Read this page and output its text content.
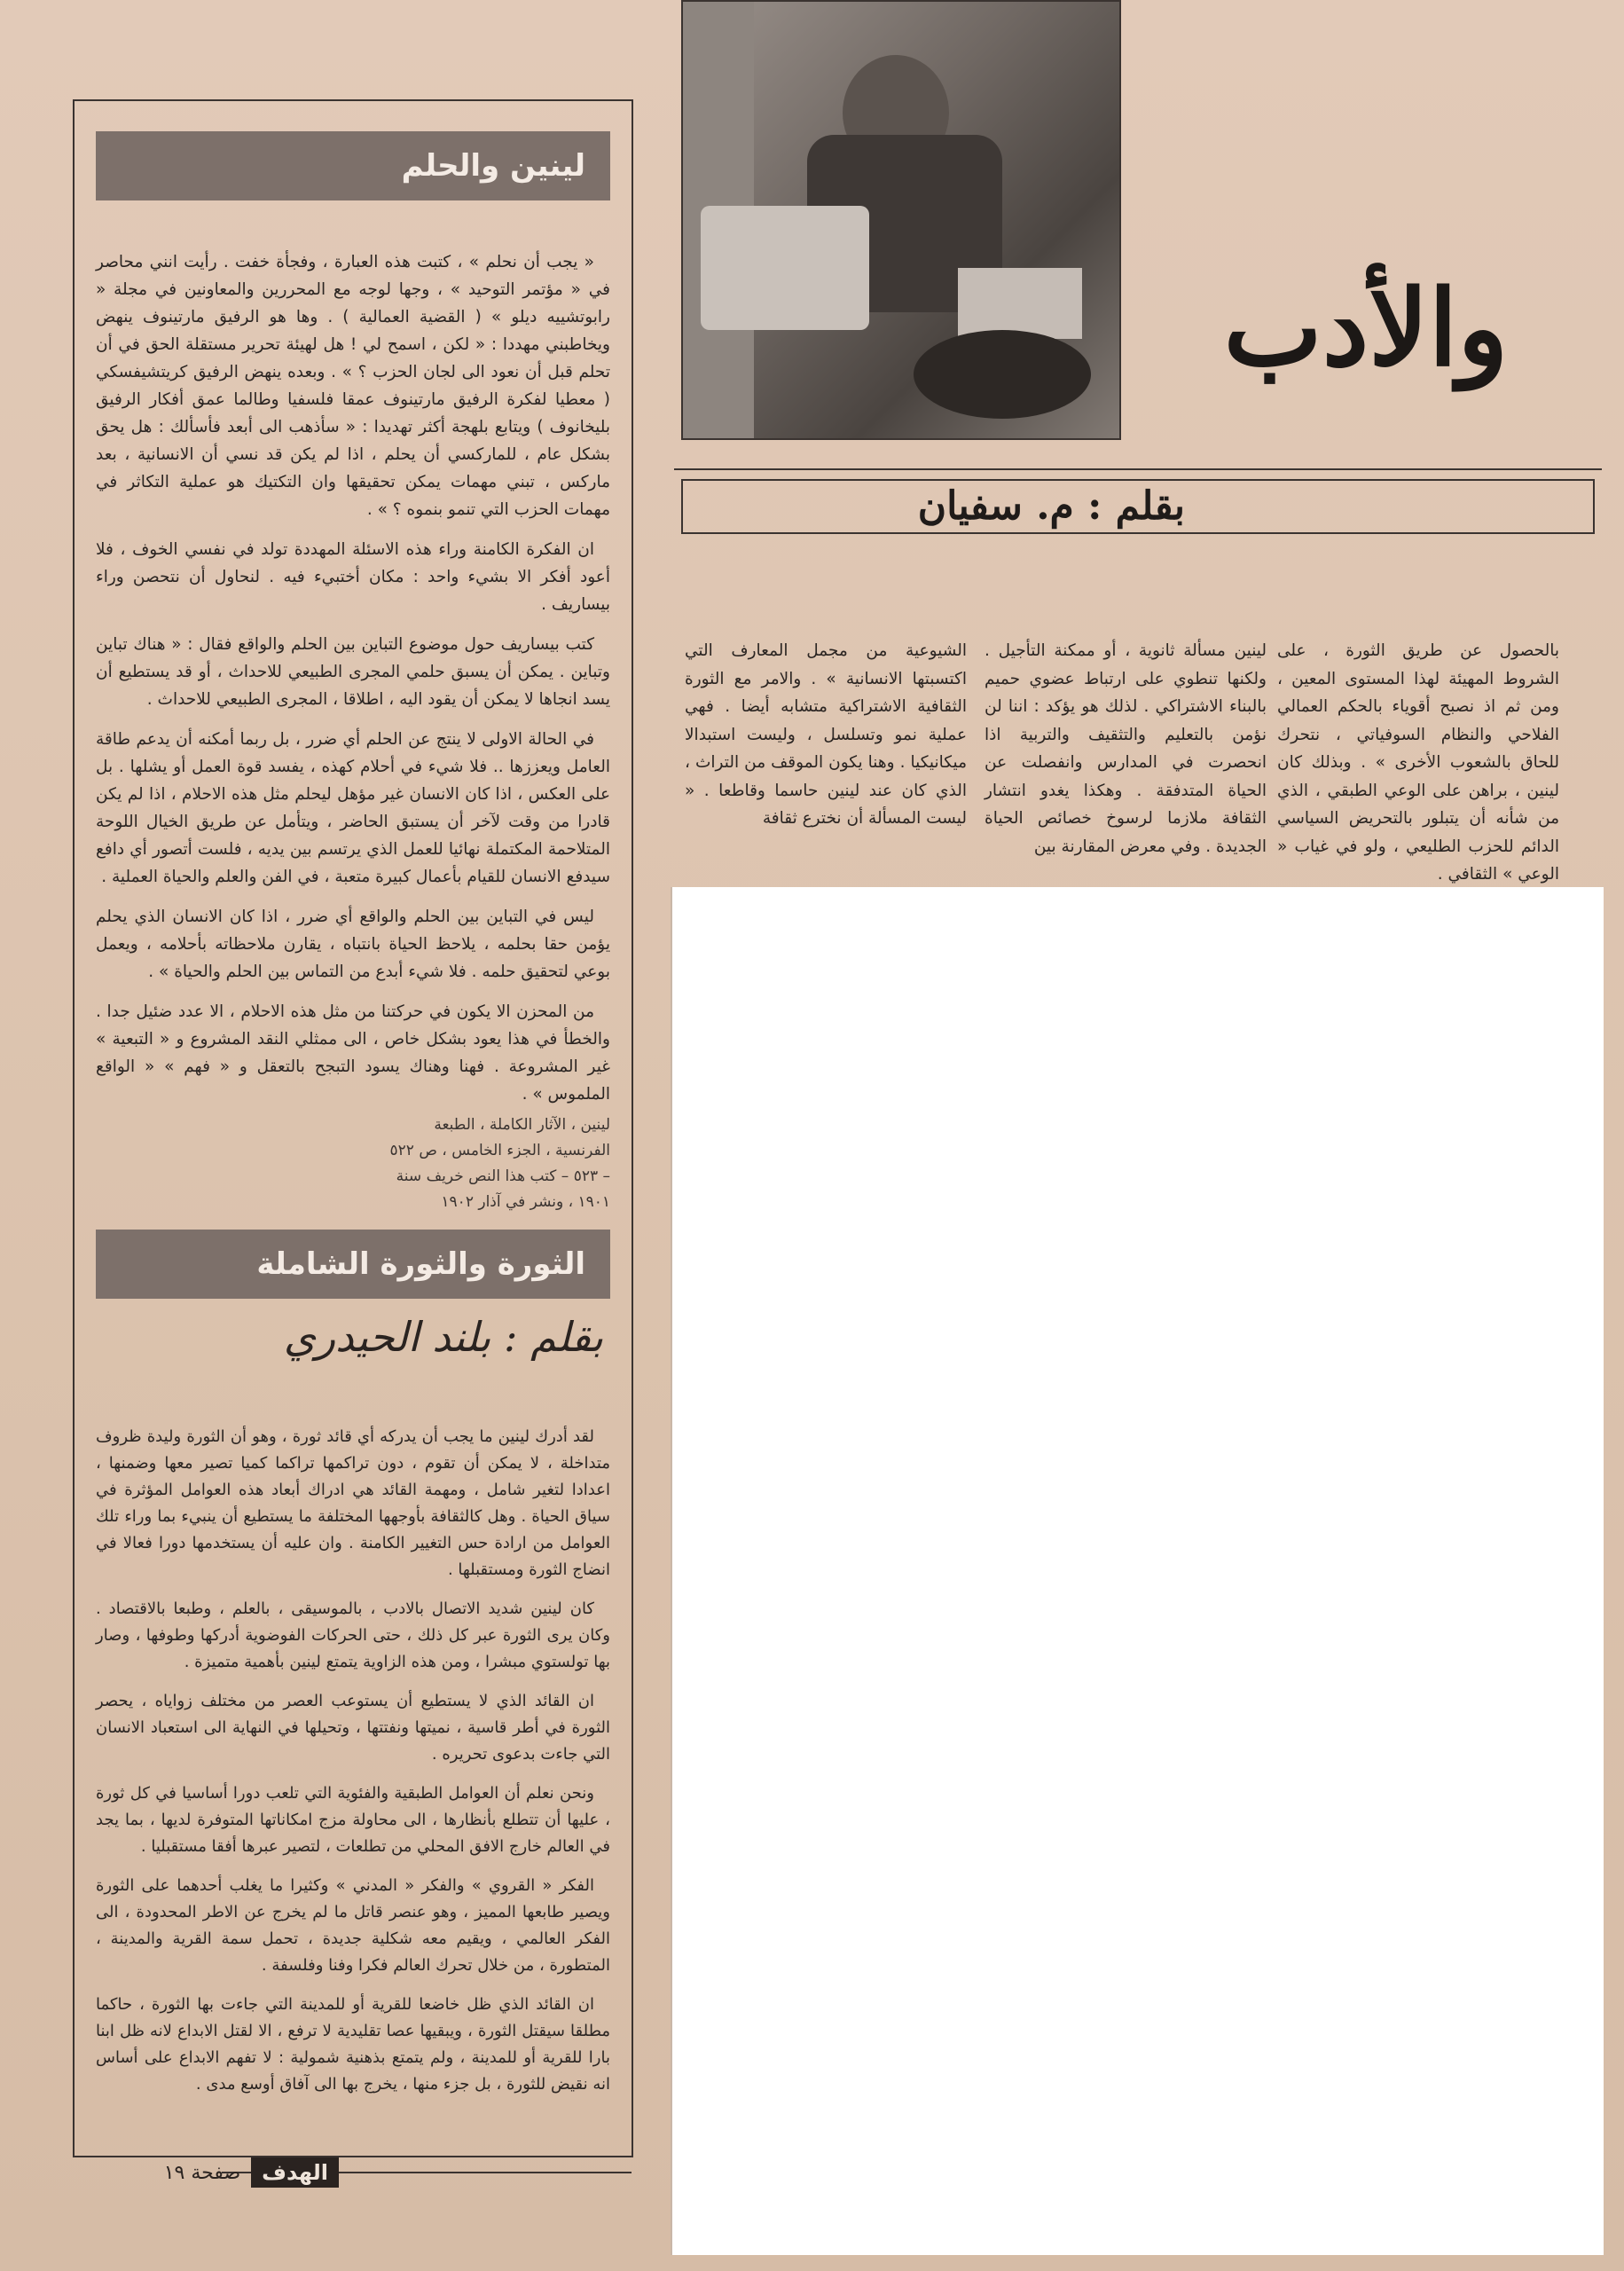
لينين والحلم

« يجب أن نحلم » ، كتبت هذه العبارة ، وفجأة خفت . رأيت انني محاصر في « مؤتمر التوحيد » ، وجها لوجه مع المحررين والمعاونين في مجلة « رابوتشييه ديلو » ( القضية العمالية ) . وها هو الرفيق مارتينوف ينهض ويخاطبني مهددا : « لكن ، اسمح لي ! هل لهيئة تحرير مستقلة الحق في أن تحلم قبل أن نعود الى لجان الحزب ؟ » . وبعده ينهض الرفيق كريتشيفسكي ( معطيا لفكرة الرفيق مارتينوف عمقا فلسفيا وطالما عمق أفكار الرفيق بليخانوف ) ويتابع بلهجة أكثر تهديدا : « سأذهب الى أبعد فأسألك : هل يحق بشكل عام ، للماركسي أن يحلم ، اذا لم يكن قد نسي أن الانسانية ، بعد ماركس ، تبني مهمات يمكن تحقيقها وان التكتيك هو عملية التكاثر في مهمات الحزب التي تنمو بنموه ؟ » .

ان الفكرة الكامنة وراء هذه الاسئلة المهددة تولد في نفسي الخوف ، فلا أعود أفكر الا بشيء واحد : مكان أختبيء فيه . لنحاول أن نتحصن وراء بيساريف .

كتب بيساريف حول موضوع التباين بين الحلم والواقع فقال : « هناك تباين وتباين . يمكن أن يسبق حلمي المجرى الطبيعي للاحداث ، أو قد يستطيع أن يسد انجاها لا يمكن أن يقود اليه ، اطلاقا ، المجرى الطبيعي للاحداث .

في الحالة الاولى لا ينتج عن الحلم أي ضرر ، بل ربما أمكنه أن يدعم طاقة العامل ويعززها .. فلا شيء في أحلام كهذه ، يفسد قوة العمل أو يشلها . بل على العكس ، اذا كان الانسان غير مؤهل ليحلم مثل هذه الاحلام ، اذا لم يكن قادرا من وقت لآخر أن يستبق الحاضر ، ويتأمل عن طريق الخيال اللوحة المتلاحمة المكتملة نهائيا للعمل الذي يرتسم بين يديه ، فلست أتصور أي دافع سيدفع الانسان للقيام بأعمال كبيرة متعبة ، في الفن والعلم والحياة العملية .

ليس في التباين بين الحلم والواقع أي ضرر ، اذا كان الانسان الذي يحلم يؤمن حقا بحلمه ، يلاحظ الحياة بانتباه ، يقارن ملاحظاته بأحلامه ، ويعمل بوعي لتحقيق حلمه . فلا شيء أبدع من التماس بين الحلم والحياة » .

من المحزن الا يكون في حركتنا من مثل هذه الاحلام ، الا عدد ضئيل جدا . والخطأ في هذا يعود بشكل خاص ، الى ممثلي النقد المشروع و « التبعية » غير المشروعة . فهنا وهناك يسود التبجح بالتعقل و « فهم » « الواقع الملموس » .

لينين ، الآثار الكاملة ، الطبعة الفرنسية ، الجزء الخامس ، ص ٥٢٢ – ٥٢٣ – كتب هذا النص خريف سنة ١٩٠١ ، ونشر في آذار ١٩٠٢
الثورة والثورة الشاملة
بقلم : بلند الحيدري

لقد أدرك لينين ما يجب أن يدركه أي قائد ثورة ، وهو أن الثورة وليدة ظروف متداخلة ، لا يمكن أن تقوم ، دون تراكمها تراكما كميا تصير معها وضمنها ، اعدادا لتغير شامل ، ومهمة القائد هي ادراك أبعاد هذه العوامل المؤثرة في سياق الحياة . وهل كالثقافة بأوجهها المختلفة ما يستطيع أن ينبيء بما وراء تلك العوامل من ارادة حس التغيير الكامنة . وان عليه أن يستخدمها دورا فعالا في انضاج الثورة ومستقبلها .

كان لينين شديد الاتصال بالادب ، بالموسيقى ، بالعلم ، وطبعا بالاقتصاد . وكان يرى الثورة عبر كل ذلك ، حتى الحركات الفوضوية أدركها وطوفها ، وصار بها تولستوي مبشرا ، ومن هذه الزاوية يتمتع لينين بأهمية متميزة .

ان القائد الذي لا يستطيع أن يستوعب العصر من مختلف زواياه ، يحصر الثورة في أطر قاسية ، نميتها ونفتتها ، وتحيلها في النهاية الى استعباد الانسان التي جاءت بدعوى تحريره .

ونحن نعلم أن العوامل الطبقية والفئوية التي تلعب دورا أساسيا في كل ثورة ، عليها أن تتطلع بأنظارها ، الى محاولة مزج امكاناتها المتوفرة لديها ، بما يجد في العالم خارج الافق المحلي من تطلعات ، لتصير عبرها أفقا مستقبليا .

الفكر « القروي » والفكر « المدني » وكثيرا ما يغلب أحدهما على الثورة ويصير طابعها المميز ، وهو عنصر قاتل ما لم يخرج عن الاطر المحدودة ، الى الفكر العالمي ، ويقيم معه شكلية جديدة ، تحمل سمة القرية والمدينة ، المتطورة ، من خلال تحرك العالم فكرا وفنا وفلسفة .

ان القائد الذي ظل خاضعا للقرية أو للمدينة التي جاءت بها الثورة ، حاكما مطلقا سيقتل الثورة ، ويبقيها عصا تقليدية لا ترفع ، الا لقتل الابداع لانه ظل ابنا بارا للقرية أو للمدينة ، ولم يتمتع بذهنية شمولية : لا تفهم الابداع على أساس انه نقيض للثورة ، بل جزء منها ، يخرج بها الى آفاق أوسع مدى .

والأدب
بقلم : م. سفيان
بالحصول عن طريق الثورة ، على الشروط المهيئة لهذا المستوى المعين ، ومن ثم اذ نصبح أقوياء بالحكم العمالي الفلاحي والنظام السوفياتي ، نتحرك للحاق بالشعوب الأخرى » . وبذلك كان لينين ، براهن على الوعي الطبقي ، الذي من شأنه أن يتبلور بالتحريض السياسي الدائم للحزب الطليعي ، ولو في غياب « الوعي » الثقافي .
لينين مسألة ثانوية ، أو ممكنة التأجيل . ولكنها تنطوي على ارتباط عضوي حميم بالبناء الاشتراكي . لذلك هو يؤكد : اننا لن نؤمن بالتعليم والتثقيف والتربية اذا انحصرت في المدارس وانفصلت عن الحياة المتدفقة . وهكذا يغدو انتشار الثقافة ملازما لرسوخ خصائص الحياة الجديدة . وفي معرض المقارنة بين
الشيوعية من مجمل المعارف التي اكتسبتها الانسانية » . والامر مع الثورة الثقافية الاشتراكية متشابه أيضا . فهي عملية نمو وتسلسل ، وليست استبدالا ميكانيكيا . وهنا يكون الموقف من التراث ، الذي كان عند لينين حاسما وقاطعا . « ليست المسألة أن نخترع ثقافة
الهدف
صفحة ١٩
